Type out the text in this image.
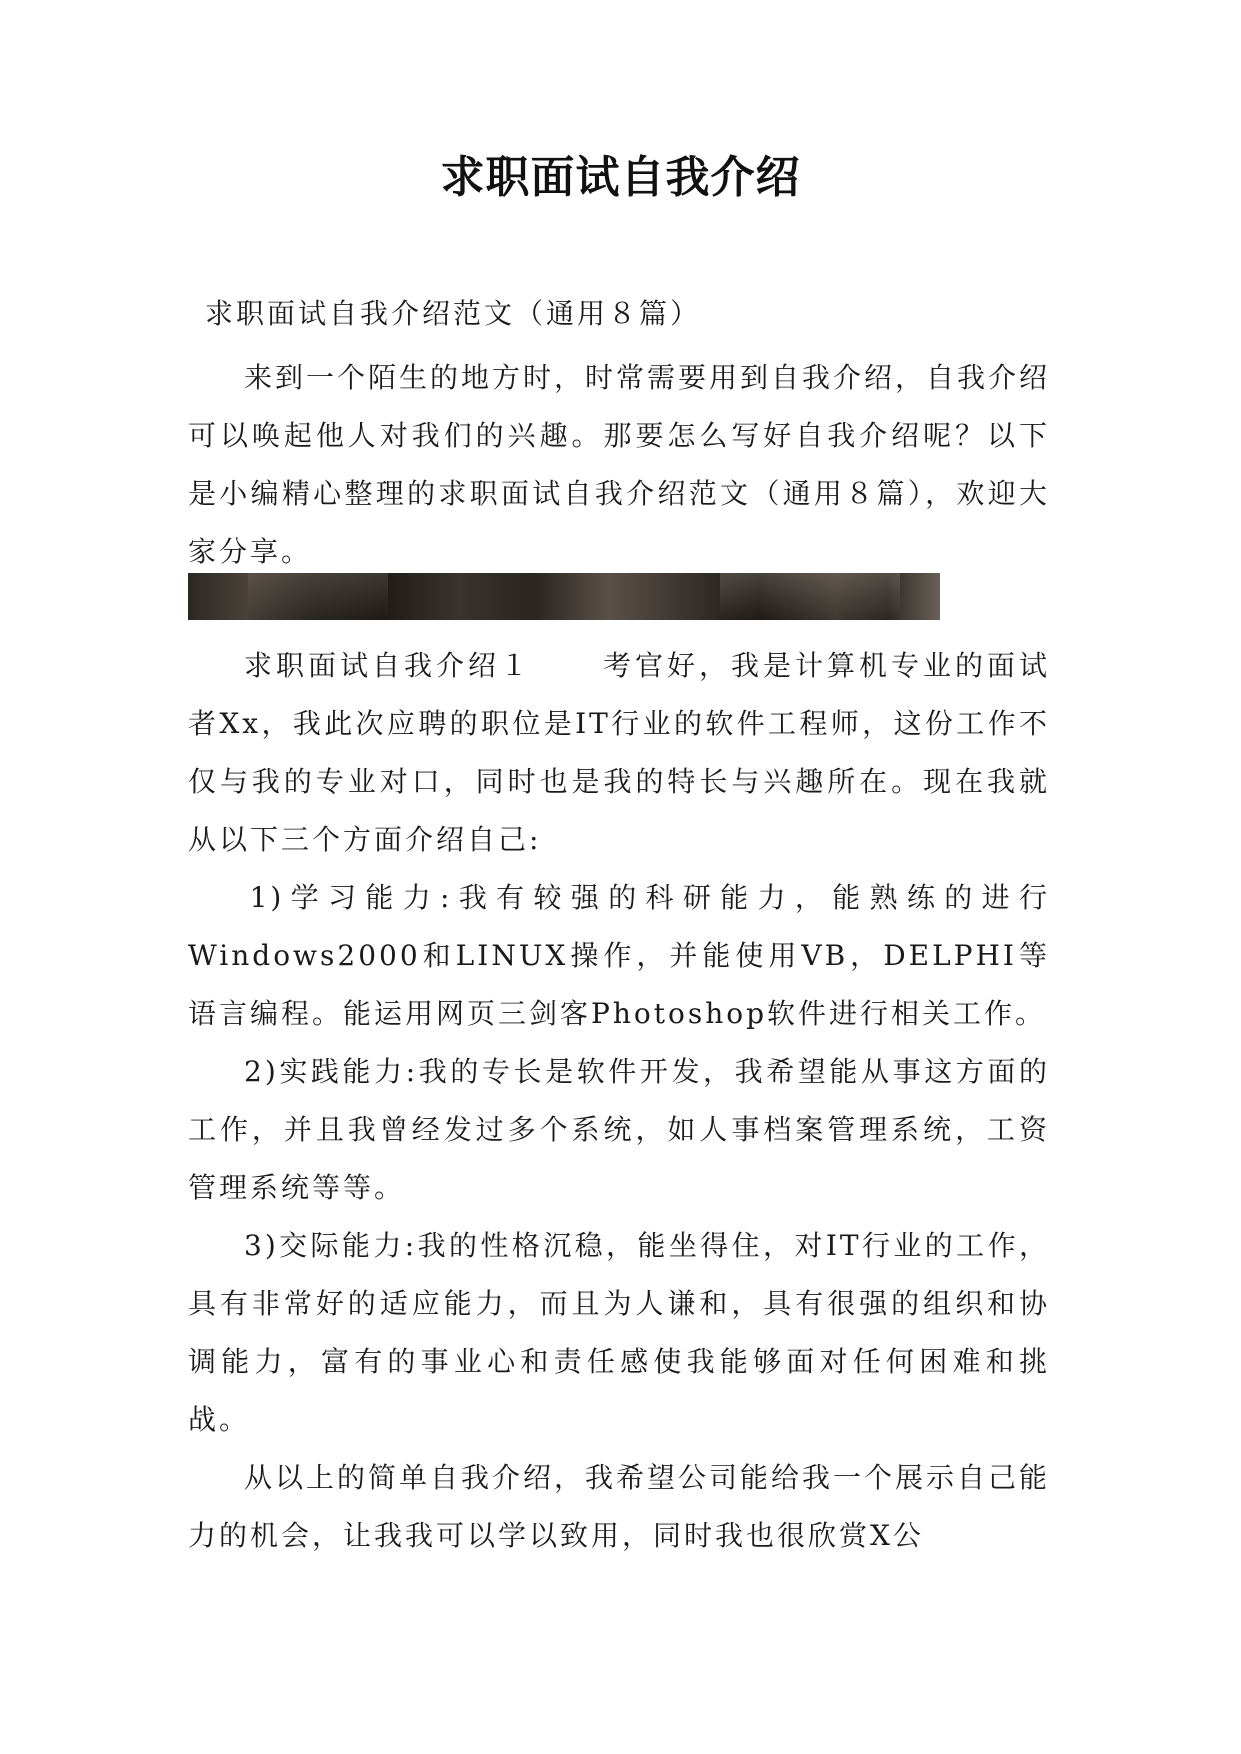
求职面试自我介绍
求职面试自我介绍范文（通用８篇）

来到一个陌生的地方时，时常需要用到自我介绍，自我介绍可以唤起他人对我们的兴趣。那要怎么写好自我介绍呢？以下是小编精心整理的求职面试自我介绍范文（通用８篇），欢迎大家分享。

求职面试自我介绍１	考官好，我是计算机专业的面试者Xx，我此次应聘的职位是IT行业的软件工程师，这份工作不仅与我的专业对口，同时也是我的特长与兴趣所在。现在我就从以下三个方面介绍自己:

1)学习能力:我有较强的科研能力，能熟练的进行Windows2000和LINUX操作，并能使用VB，DELPHI等语言编程。能运用网页三剑客Photoshop软件进行相关工作。

2)实践能力:我的专长是软件开发，我希望能从事这方面的工作，并且我曾经发过多个系统，如人事档案管理系统，工资管理系统等等。

3)交际能力:我的性格沉稳，能坐得住，对IT行业的工作，具有非常好的适应能力，而且为人谦和，具有很强的组织和协调能力，富有的事业心和责任感使我能够面对任何困难和挑战。

从以上的简单自我介绍，我希望公司能给我一个展示自己能力的机会，让我我可以学以致用，同时我也很欣赏X公
